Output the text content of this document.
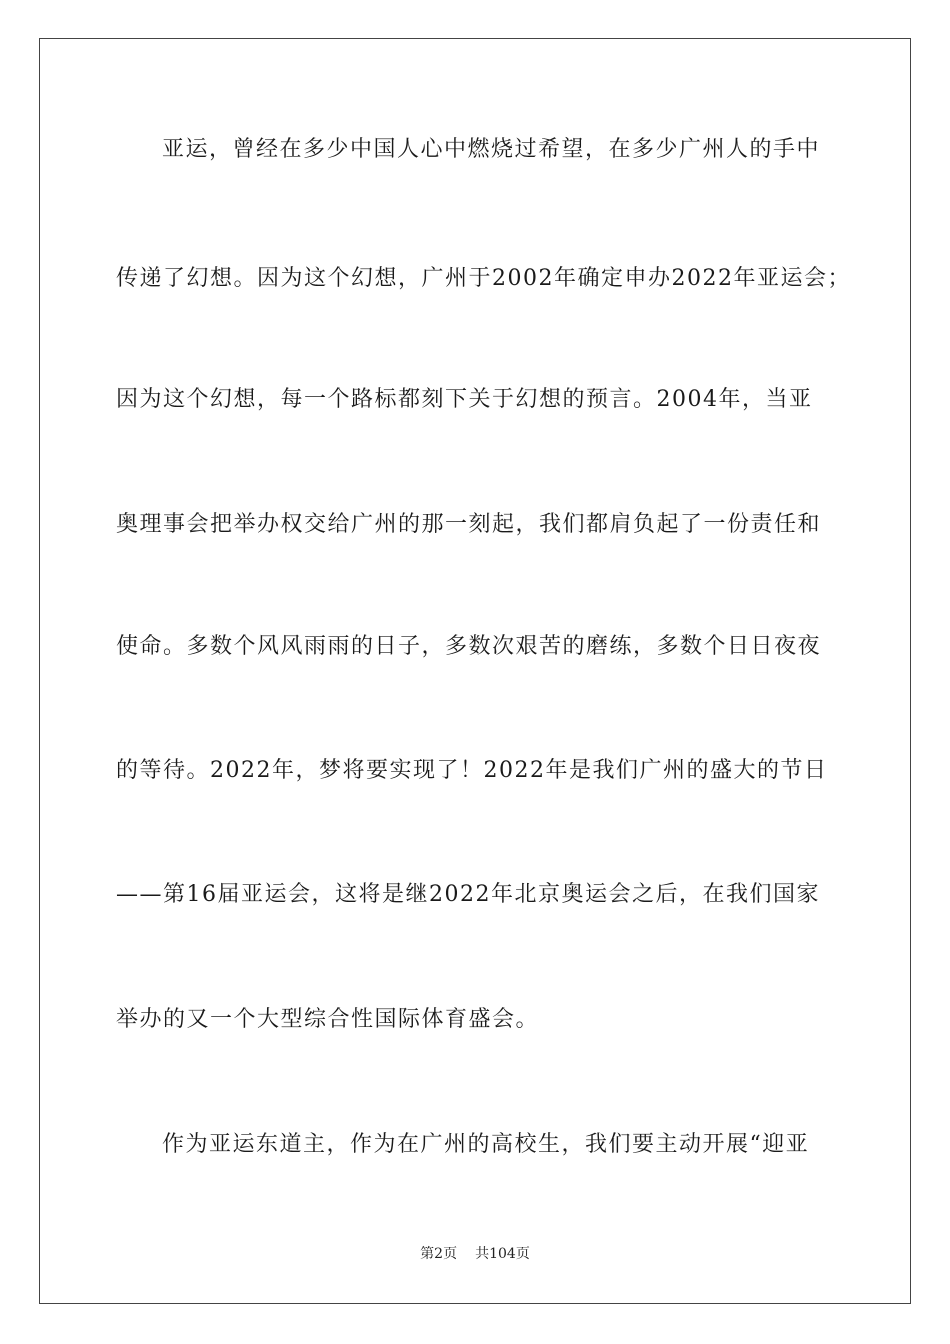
亚运，曾经在多少中国人心中燃烧过希望，在多少广州人的手中
传递了幻想。因为这个幻想，广州于2002年确定申办2022年亚运会；
因为这个幻想，每一个路标都刻下关于幻想的预言。2004年，当亚
奥理事会把举办权交给广州的那一刻起，我们都肩负起了一份责任和
使命。多数个风风雨雨的日子，多数次艰苦的磨练，多数个日日夜夜
的等待。2022年，梦将要实现了！2022年是我们广州的盛大的节日
——第16届亚运会，这将是继2022年北京奥运会之后，在我们国家
举办的又一个大型综合性国际体育盛会。
作为亚运东道主，作为在广州的高校生，我们要主动开展“迎亚
第2页 共104页
